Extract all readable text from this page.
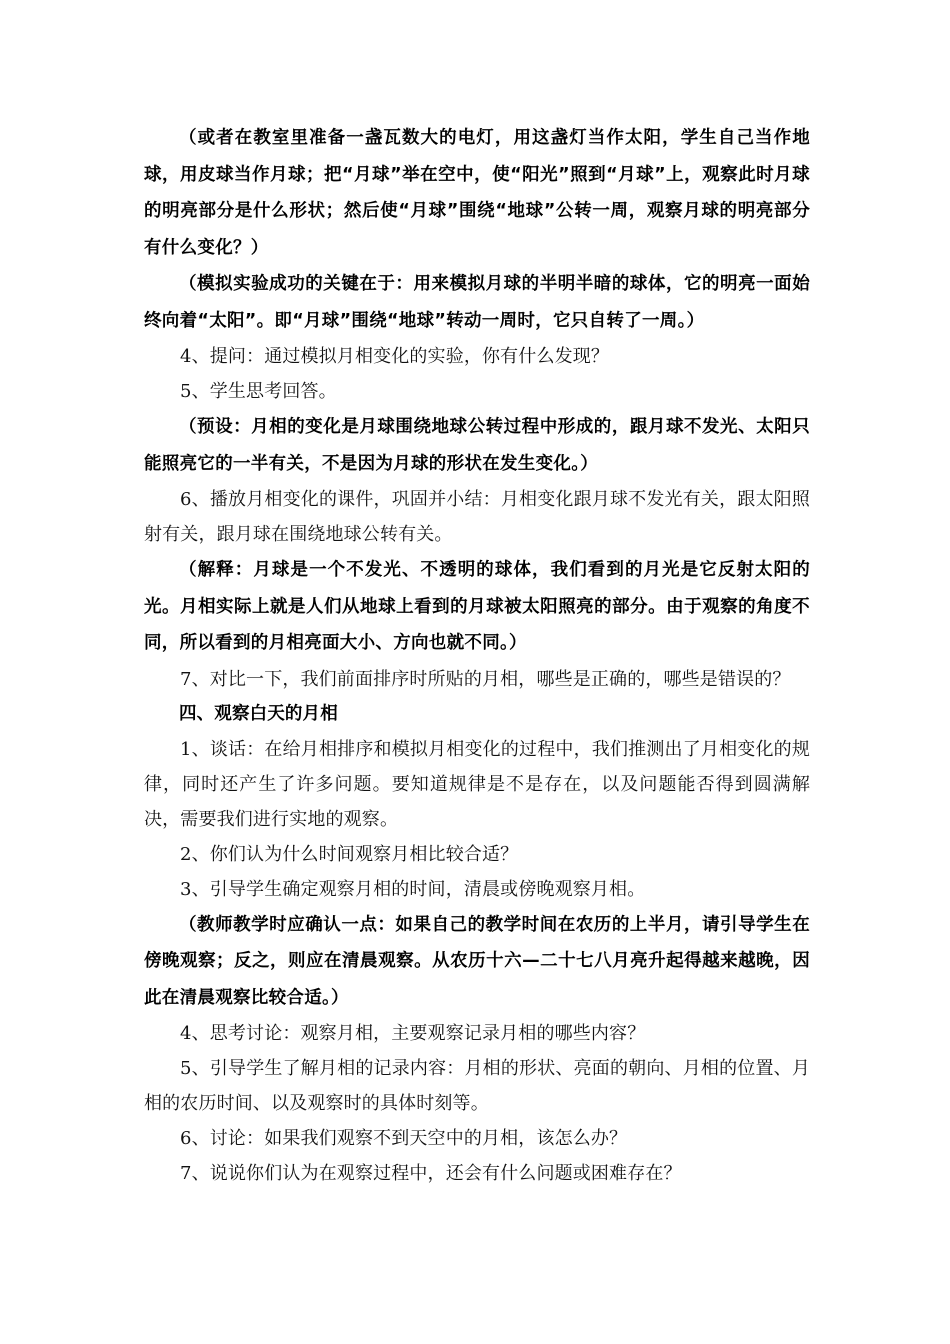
（或者在教室里准备一盏瓦数大的电灯，用这盏灯当作太阳，学生自己当作地球，用皮球当作月球；把“月球”举在空中，使“阳光”照到“月球”上，观察此时月球的明亮部分是什么形状；然后使“月球”围绕“地球”公转一周，观察月球的明亮部分有什么变化？）

（模拟实验成功的关键在于：用来模拟月球的半明半暗的球体，它的明亮一面始终向着“太阳”。即“月球”围绕“地球”转动一周时，它只自转了一周。）

4、提问：通过模拟月相变化的实验，你有什么发现？

5、学生思考回答。

（预设：月相的变化是月球围绕地球公转过程中形成的，跟月球不发光、太阳只能照亮它的一半有关，不是因为月球的形状在发生变化。）

6、播放月相变化的课件，巩固并小结：月相变化跟月球不发光有关，跟太阳照射有关，跟月球在围绕地球公转有关。

（解释：月球是一个不发光、不透明的球体，我们看到的月光是它反射太阳的光。月相实际上就是人们从地球上看到的月球被太阳照亮的部分。由于观察的角度不同，所以看到的月相亮面大小、方向也就不同。）

7、对比一下，我们前面排序时所贴的月相，哪些是正确的，哪些是错误的？

四、观察白天的月相

1、谈话：在给月相排序和模拟月相变化的过程中，我们推测出了月相变化的规律，同时还产生了许多问题。要知道规律是不是存在，以及问题能否得到圆满解决，需要我们进行实地的观察。

2、你们认为什么时间观察月相比较合适？

3、引导学生确定观察月相的时间，清晨或傍晚观察月相。

（教师教学时应确认一点：如果自己的教学时间在农历的上半月，请引导学生在傍晚观察；反之，则应在清晨观察。从农历十六—二十七八月亮升起得越来越晚，因此在清晨观察比较合适。）

4、思考讨论：观察月相，主要观察记录月相的哪些内容？

5、引导学生了解月相的记录内容：月相的形状、亮面的朝向、月相的位置、月相的农历时间、以及观察时的具体时刻等。

6、讨论：如果我们观察不到天空中的月相，该怎么办？

7、说说你们认为在观察过程中，还会有什么问题或困难存在？
